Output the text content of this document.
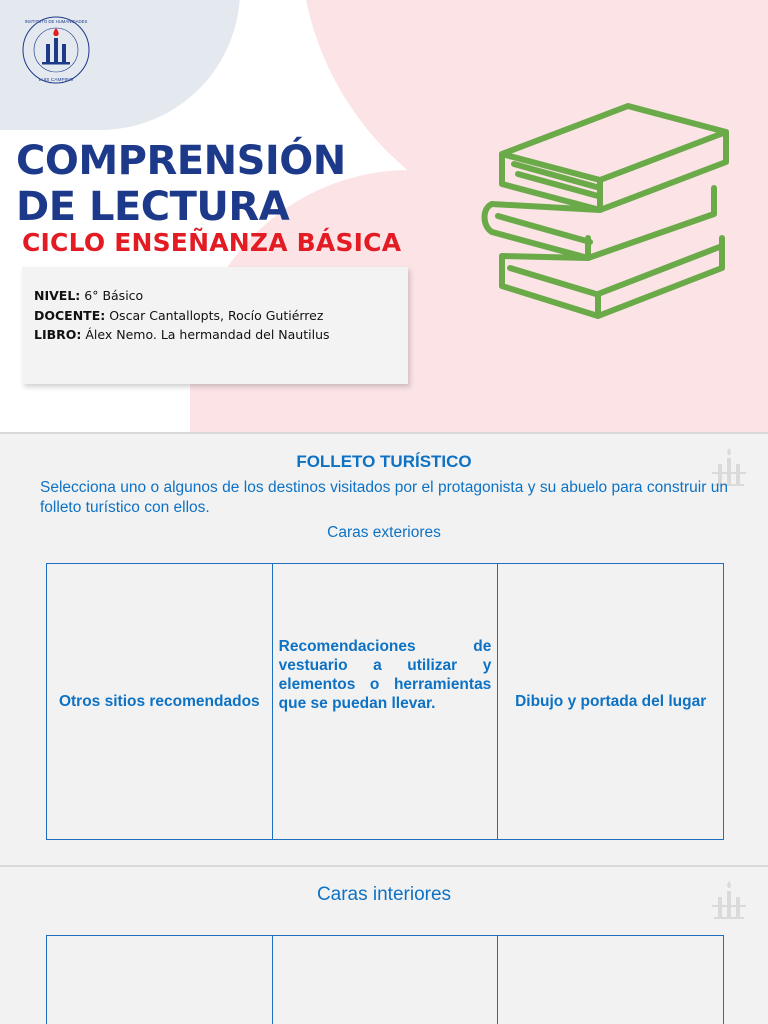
INSTITUTO DE HUMANIDADES
LUIS CAMPINO
COMPRENSIÓN
DE LECTURA
CICLO ENSEÑANZA BÁSICA
NIVEL: 6° Básico
DOCENTE: Oscar Cantallopts, Rocío Gutiérrez
LIBRO: Álex Nemo. La hermandad del Nautilus
FOLLETO TURÍSTICO
Selecciona uno o algunos de los destinos visitados por el protagonista y su abuelo para construir un folleto turístico con ellos.
Caras exteriores
Otros sitios recomendados	Recomendaciones de vestuario a utilizar y elementos o herramientas que se puedan llevar.	Dibujo y portada del lugar
Caras interiores
